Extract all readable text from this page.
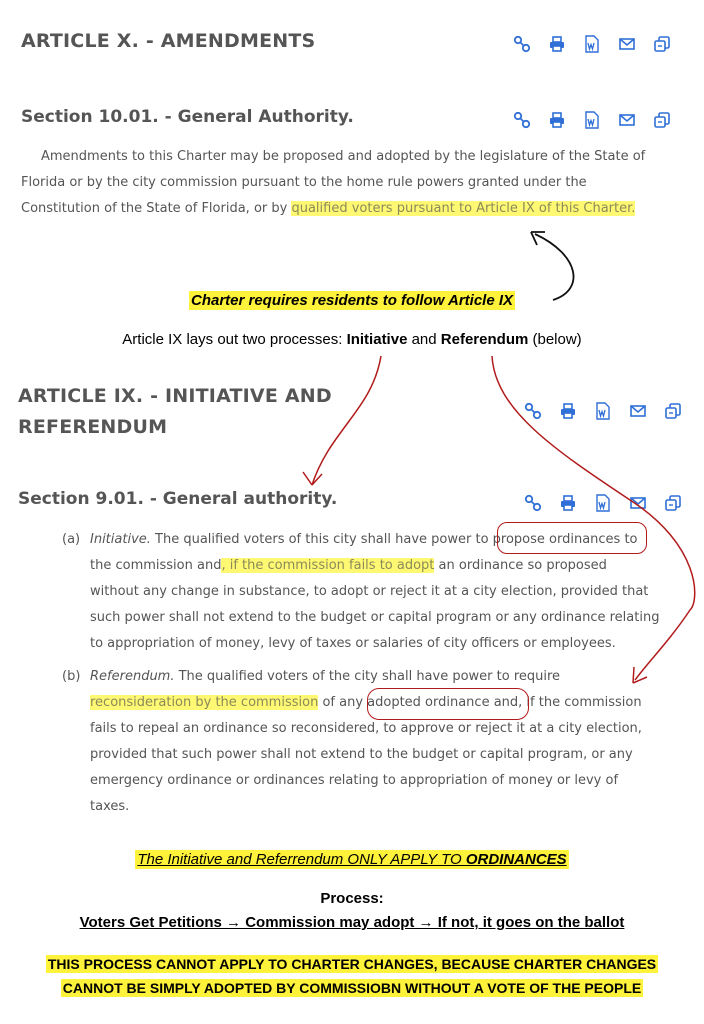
ARTICLE X. - AMENDMENTS
Section 10.01. - General Authority.
Amendments to this Charter may be proposed and adopted by the legislature of the State of
Florida or by the city commission pursuant to the home rule powers granted under the
Constitution of the State of Florida, or by qualified voters pursuant to Article IX of this Charter.
Charter requires residents to follow Article IX
Article IX lays out two processes: Initiative and Referendum (below)
ARTICLE IX. - INITIATIVE AND
REFERENDUM
Section 9.01. - General authority.
(a) Initiative. The qualified voters of this city shall have power to propose ordinances to
the commission and, if the commission fails to adopt an ordinance so proposed
without any change in substance, to adopt or reject it at a city election, provided that
such power shall not extend to the budget or capital program or any ordinance relating
to appropriation of money, levy of taxes or salaries of city officers or employees.
(b) Referendum. The qualified voters of the city shall have power to require
reconsideration by the commission of any adopted ordinance and, if the commission
fails to repeal an ordinance so reconsidered, to approve or reject it at a city election,
provided that such power shall not extend to the budget or capital program, or any
emergency ordinance or ordinances relating to appropriation of money or levy of
taxes.
The Initiative and Referrendum ONLY APPLY TO ORDINANCES
Process:
Voters Get Petitions → Commission may adopt → If not, it goes on the ballot
THIS PROCESS CANNOT APPLY TO CHARTER CHANGES, BECAUSE CHARTER CHANGES
CANNOT BE SIMPLY ADOPTED BY COMMISSIOBN WITHOUT A VOTE OF THE PEOPLE
